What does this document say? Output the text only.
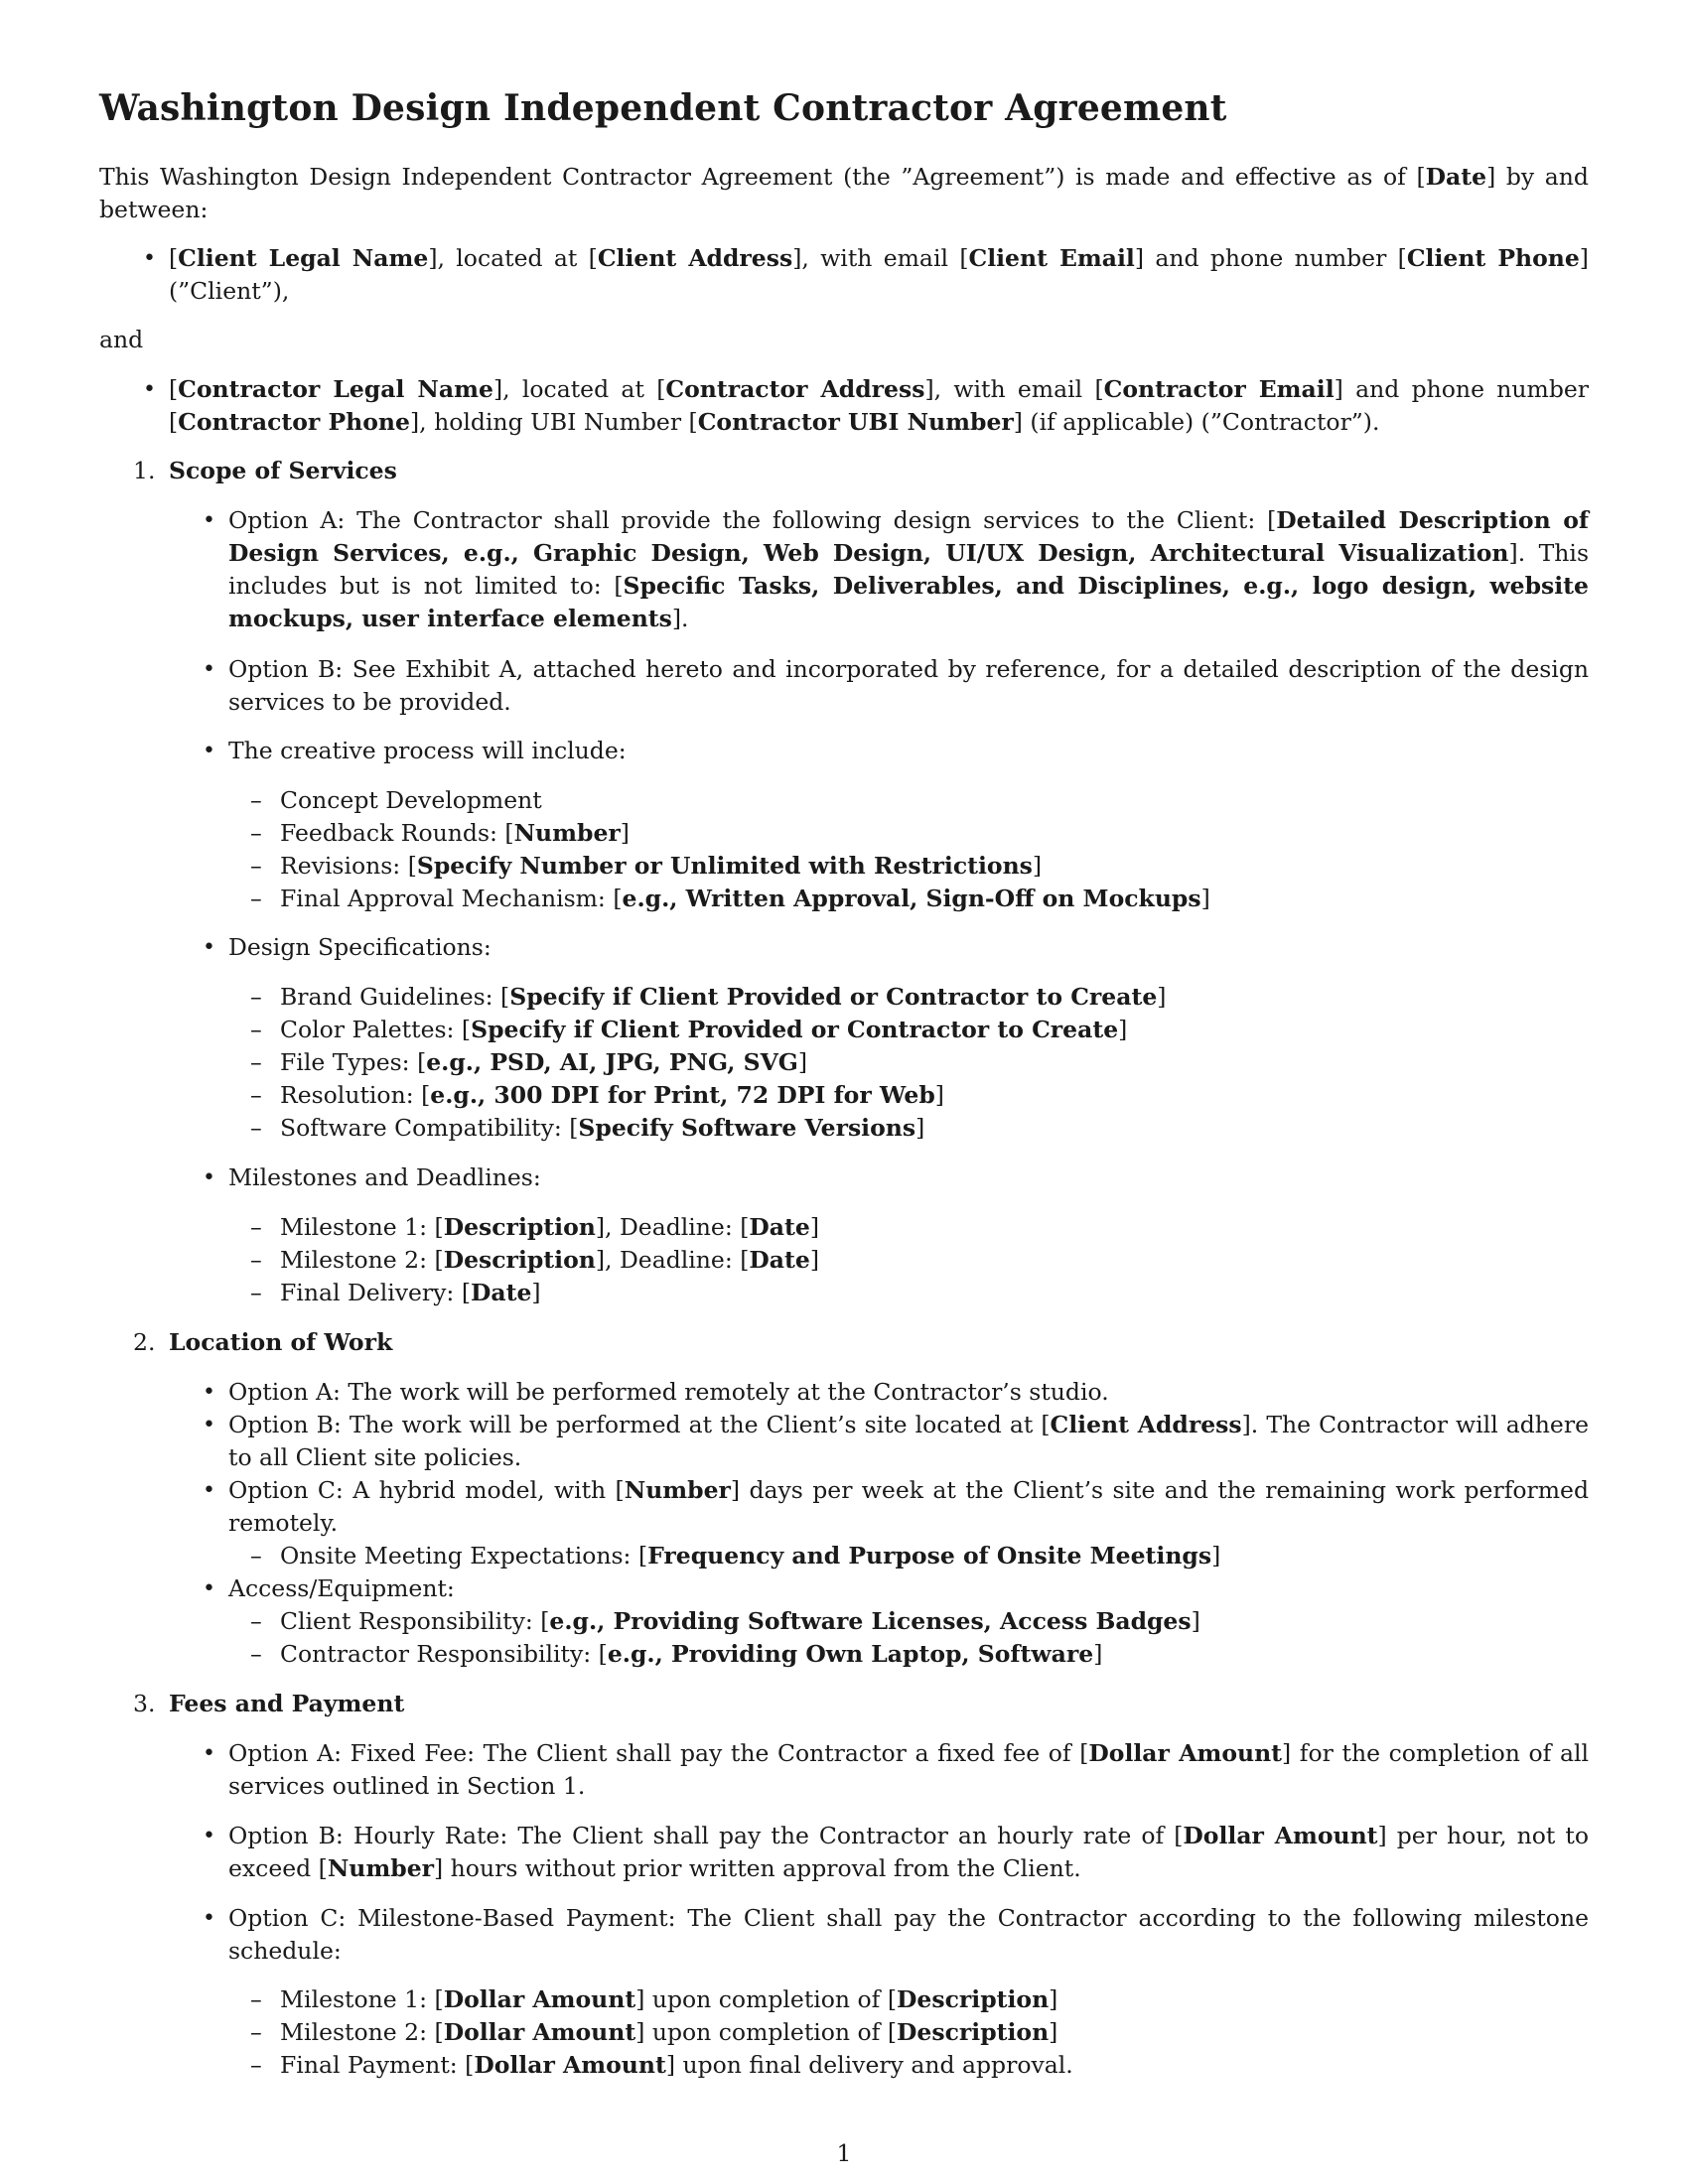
Washington Design Independent Contractor Agreement

This Washington Design Independent Contractor Agreement (the ”Agreement”) is made and effective as of [Date] by and between:

• [Client Legal Name], located at [Client Address], with email [Client Email] and phone number [Client Phone] (”Client”),

and

• [Contractor Legal Name], located at [Contractor Address], with email [Contractor Email] and phone number [Contractor Phone], holding UBI Number [Contractor UBI Number] (if applicable) (”Contractor”).
1. Scope of Services
• Option A: The Contractor shall provide the following design services to the Client: [Detailed Description of Design Services, e.g., Graphic Design, Web Design, UI/UX Design, Architectural Visualization]. This includes but is not limited to: [Specific Tasks, Deliverables, and Disciplines, e.g., logo design, website mockups, user interface elements].
• Option B: See Exhibit A, attached hereto and incorporated by reference, for a detailed description of the design services to be provided.
• The creative process will include:
– Concept Development
– Feedback Rounds: [Number]
– Revisions: [Specify Number or Unlimited with Restrictions]
– Final Approval Mechanism: [e.g., Written Approval, Sign-Off on Mockups]
• Design Specifications:
– Brand Guidelines: [Specify if Client Provided or Contractor to Create]
– Color Palettes: [Specify if Client Provided or Contractor to Create]
– File Types: [e.g., PSD, AI, JPG, PNG, SVG]
– Resolution: [e.g., 300 DPI for Print, 72 DPI for Web]
– Software Compatibility: [Specify Software Versions]
• Milestones and Deadlines:
– Milestone 1: [Description], Deadline: [Date]
– Milestone 2: [Description], Deadline: [Date]
– Final Delivery: [Date]
2. Location of Work
• Option A: The work will be performed remotely at the Contractor’s studio.
• Option B: The work will be performed at the Client’s site located at [Client Address]. The Contractor will adhere to all Client site policies.
• Option C: A hybrid model, with [Number] days per week at the Client’s site and the remaining work performed remotely.
– Onsite Meeting Expectations: [Frequency and Purpose of Onsite Meetings]
• Access/Equipment:
– Client Responsibility: [e.g., Providing Software Licenses, Access Badges]
– Contractor Responsibility: [e.g., Providing Own Laptop, Software]
3. Fees and Payment
• Option A: Fixed Fee: The Client shall pay the Contractor a fixed fee of [Dollar Amount] for the completion of all services outlined in Section 1.
• Option B: Hourly Rate: The Client shall pay the Contractor an hourly rate of [Dollar Amount] per hour, not to exceed [Number] hours without prior written approval from the Client.
• Option C: Milestone-Based Payment: The Client shall pay the Contractor according to the following milestone schedule:
– Milestone 1: [Dollar Amount] upon completion of [Description]
– Milestone 2: [Dollar Amount] upon completion of [Description]
– Final Payment: [Dollar Amount] upon final delivery and approval.
1
